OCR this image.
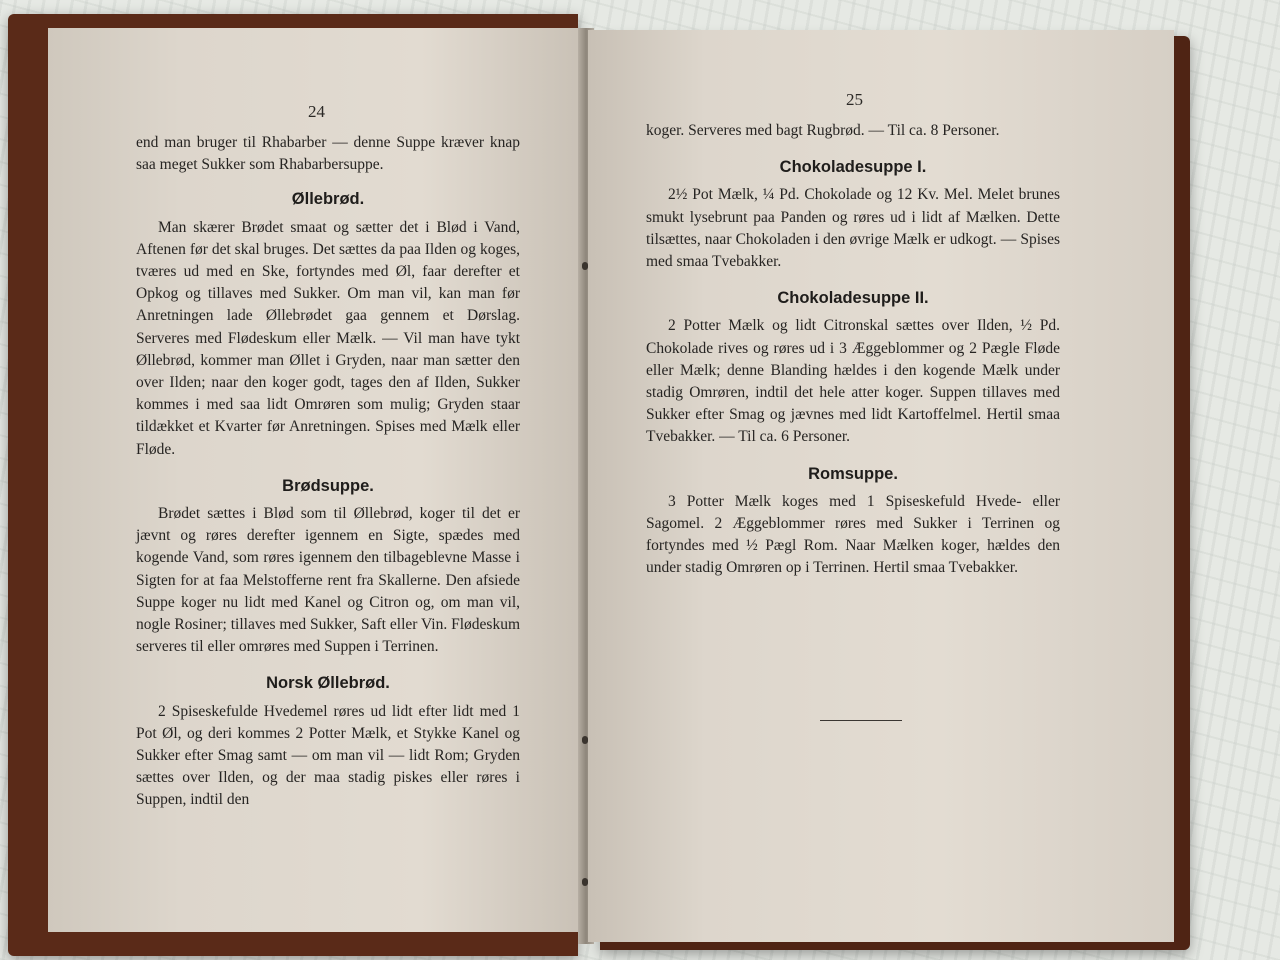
24

end man bruger til Rhabarber — denne Suppe kræver knap saa meget Sukker som Rhabarbersuppe.

Øllebrød.

Man skærer Brødet smaat og sætter det i Blød i Vand, Aftenen før det skal bruges. Det sættes da paa Ilden og koges, tværes ud med en Ske, fortyndes med Øl, faar derefter et Opkog og tillaves med Sukker. Om man vil, kan man før Anretningen lade Øllebrødet gaa gennem et Dørslag. Serveres med Flødeskum eller Mælk. — Vil man have tykt Øllebrød, kommer man Øllet i Gryden, naar man sætter den over Ilden; naar den koger godt, tages den af Ilden, Sukker kommes i med saa lidt Omrøren som mulig; Gryden staar tildækket et Kvarter før Anretningen. Spises med Mælk eller Fløde.

Brødsuppe.

Brødet sættes i Blød som til Øllebrød, koger til det er jævnt og røres derefter igennem en Sigte, spædes med kogende Vand, som røres igennem den tilbageblevne Masse i Sigten for at faa Melstofferne rent fra Skallerne. Den afsiede Suppe koger nu lidt med Kanel og Citron og, om man vil, nogle Rosiner; tillaves med Sukker, Saft eller Vin. Flødeskum serveres til eller omrøres med Suppen i Terrinen.

Norsk Øllebrød.

2 Spiseskefulde Hvedemel røres ud lidt efter lidt med 1 Pot Øl, og deri kommes 2 Potter Mælk, et Stykke Kanel og Sukker efter Smag samt — om man vil — lidt Rom; Gryden sættes over Ilden, og der maa stadig piskes eller røres i Suppen, indtil den

25

koger. Serveres med bagt Rugbrød. — Til ca. 8 Personer.

Chokoladesuppe I.

2½ Pot Mælk, ¼ Pd. Chokolade og 12 Kv. Mel. Melet brunes smukt lysebrunt paa Panden og røres ud i lidt af Mælken. Dette tilsættes, naar Chokoladen i den øvrige Mælk er udkogt. — Spises med smaa Tvebakker.

Chokoladesuppe II.

2 Potter Mælk og lidt Citronskal sættes over Ilden, ½ Pd. Chokolade rives og røres ud i 3 Æggeblommer og 2 Pægle Fløde eller Mælk; denne Blanding hældes i den kogende Mælk under stadig Omrøren, indtil det hele atter koger. Suppen tillaves med Sukker efter Smag og jævnes med lidt Kartoffelmel. Hertil smaa Tvebakker. — Til ca. 6 Personer.

Romsuppe.

3 Potter Mælk koges med 1 Spiseskefuld Hvede- eller Sagomel. 2 Æggeblommer røres med Sukker i Terrinen og fortyndes med ½ Pægl Rom. Naar Mælken koger, hældes den under stadig Omrøren op i Terrinen. Hertil smaa Tvebakker.
